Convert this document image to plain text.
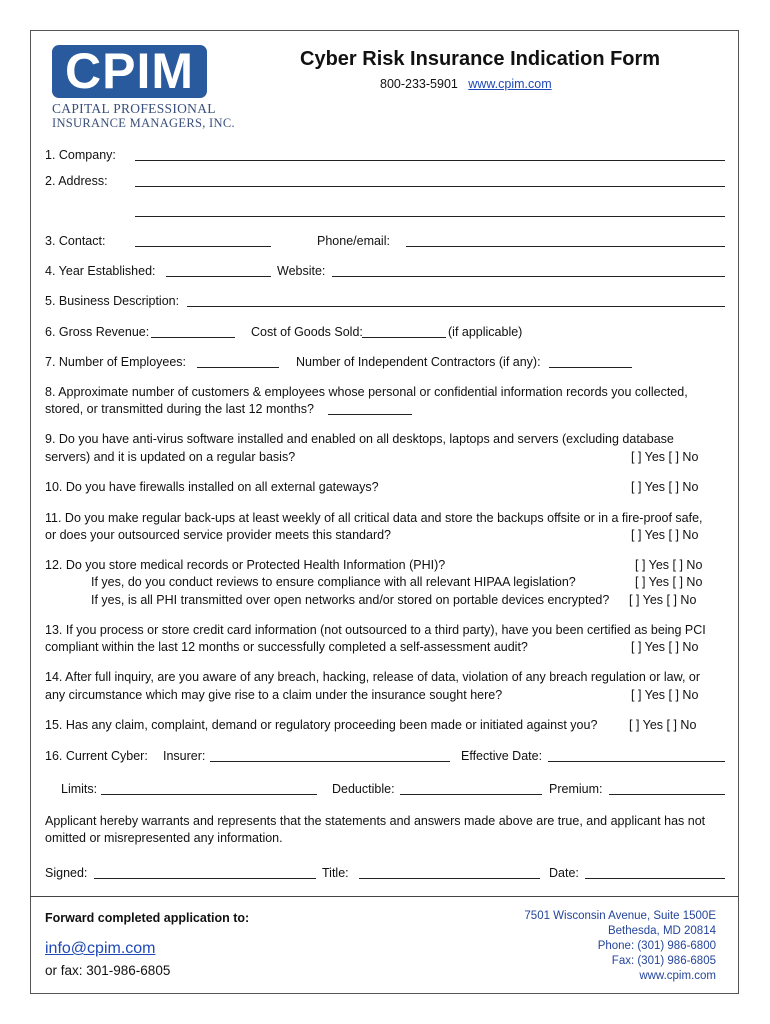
CPIM
CAPITAL PROFESSIONAL
INSURANCE MANAGERS, INC.
Cyber Risk Insurance Indication Form
800-233-5901 www.cpim.com
1. Company:
2. Address:
3. Contact:	Phone/email:
4. Year Established:	Website:
5. Business Description:
6. Gross Revenue:	Cost of Goods Sold:	(if applicable)
7. Number of Employees:	Number of Independent Contractors (if any):
8. Approximate number of customers & employees whose personal or confidential information records you collected,
stored, or transmitted during the last 12 months?
9. Do you have anti-virus software installed and enabled on all desktops, laptops and servers (excluding database
servers) and it is updated on a regular basis?	[ ] Yes [ ] No
10. Do you have firewalls installed on all external gateways?	[ ] Yes [ ] No
11. Do you make regular back-ups at least weekly of all critical data and store the backups offsite or in a fire-proof safe,
or does your outsourced service provider meets this standard?	[ ] Yes [ ] No
12. Do you store medical records or Protected Health Information (PHI)?	[ ] Yes [ ] No
If yes, do you conduct reviews to ensure compliance with all relevant HIPAA legislation?	[ ] Yes [ ] No
If yes, is all PHI transmitted over open networks and/or stored on portable devices encrypted? [ ] Yes [ ] No
13. If you process or store credit card information (not outsourced to a third party), have you been certified as being PCI
compliant within the last 12 months or successfully completed a self-assessment audit?	[ ] Yes [ ] No
14. After full inquiry, are you aware of any breach, hacking, release of data, violation of any breach regulation or law, or
any circumstance which may give rise to a claim under the insurance sought here?	[ ] Yes [ ] No
15. Has any claim, complaint, demand or regulatory proceeding been made or initiated against you?	[ ] Yes [ ] No
16. Current Cyber: Insurer:	Effective Date:
Limits:	Deductible:	Premium:
Applicant hereby warrants and represents that the statements and answers made above are true, and applicant has not
omitted or misrepresented any information.
Signed:	Title:	Date:
Forward completed application to:
info@cpim.com
or fax: 301-986-6805
7501 Wisconsin Avenue, Suite 1500E
Bethesda, MD 20814
Phone: (301) 986-6800
Fax: (301) 986-6805
www.cpim.com
